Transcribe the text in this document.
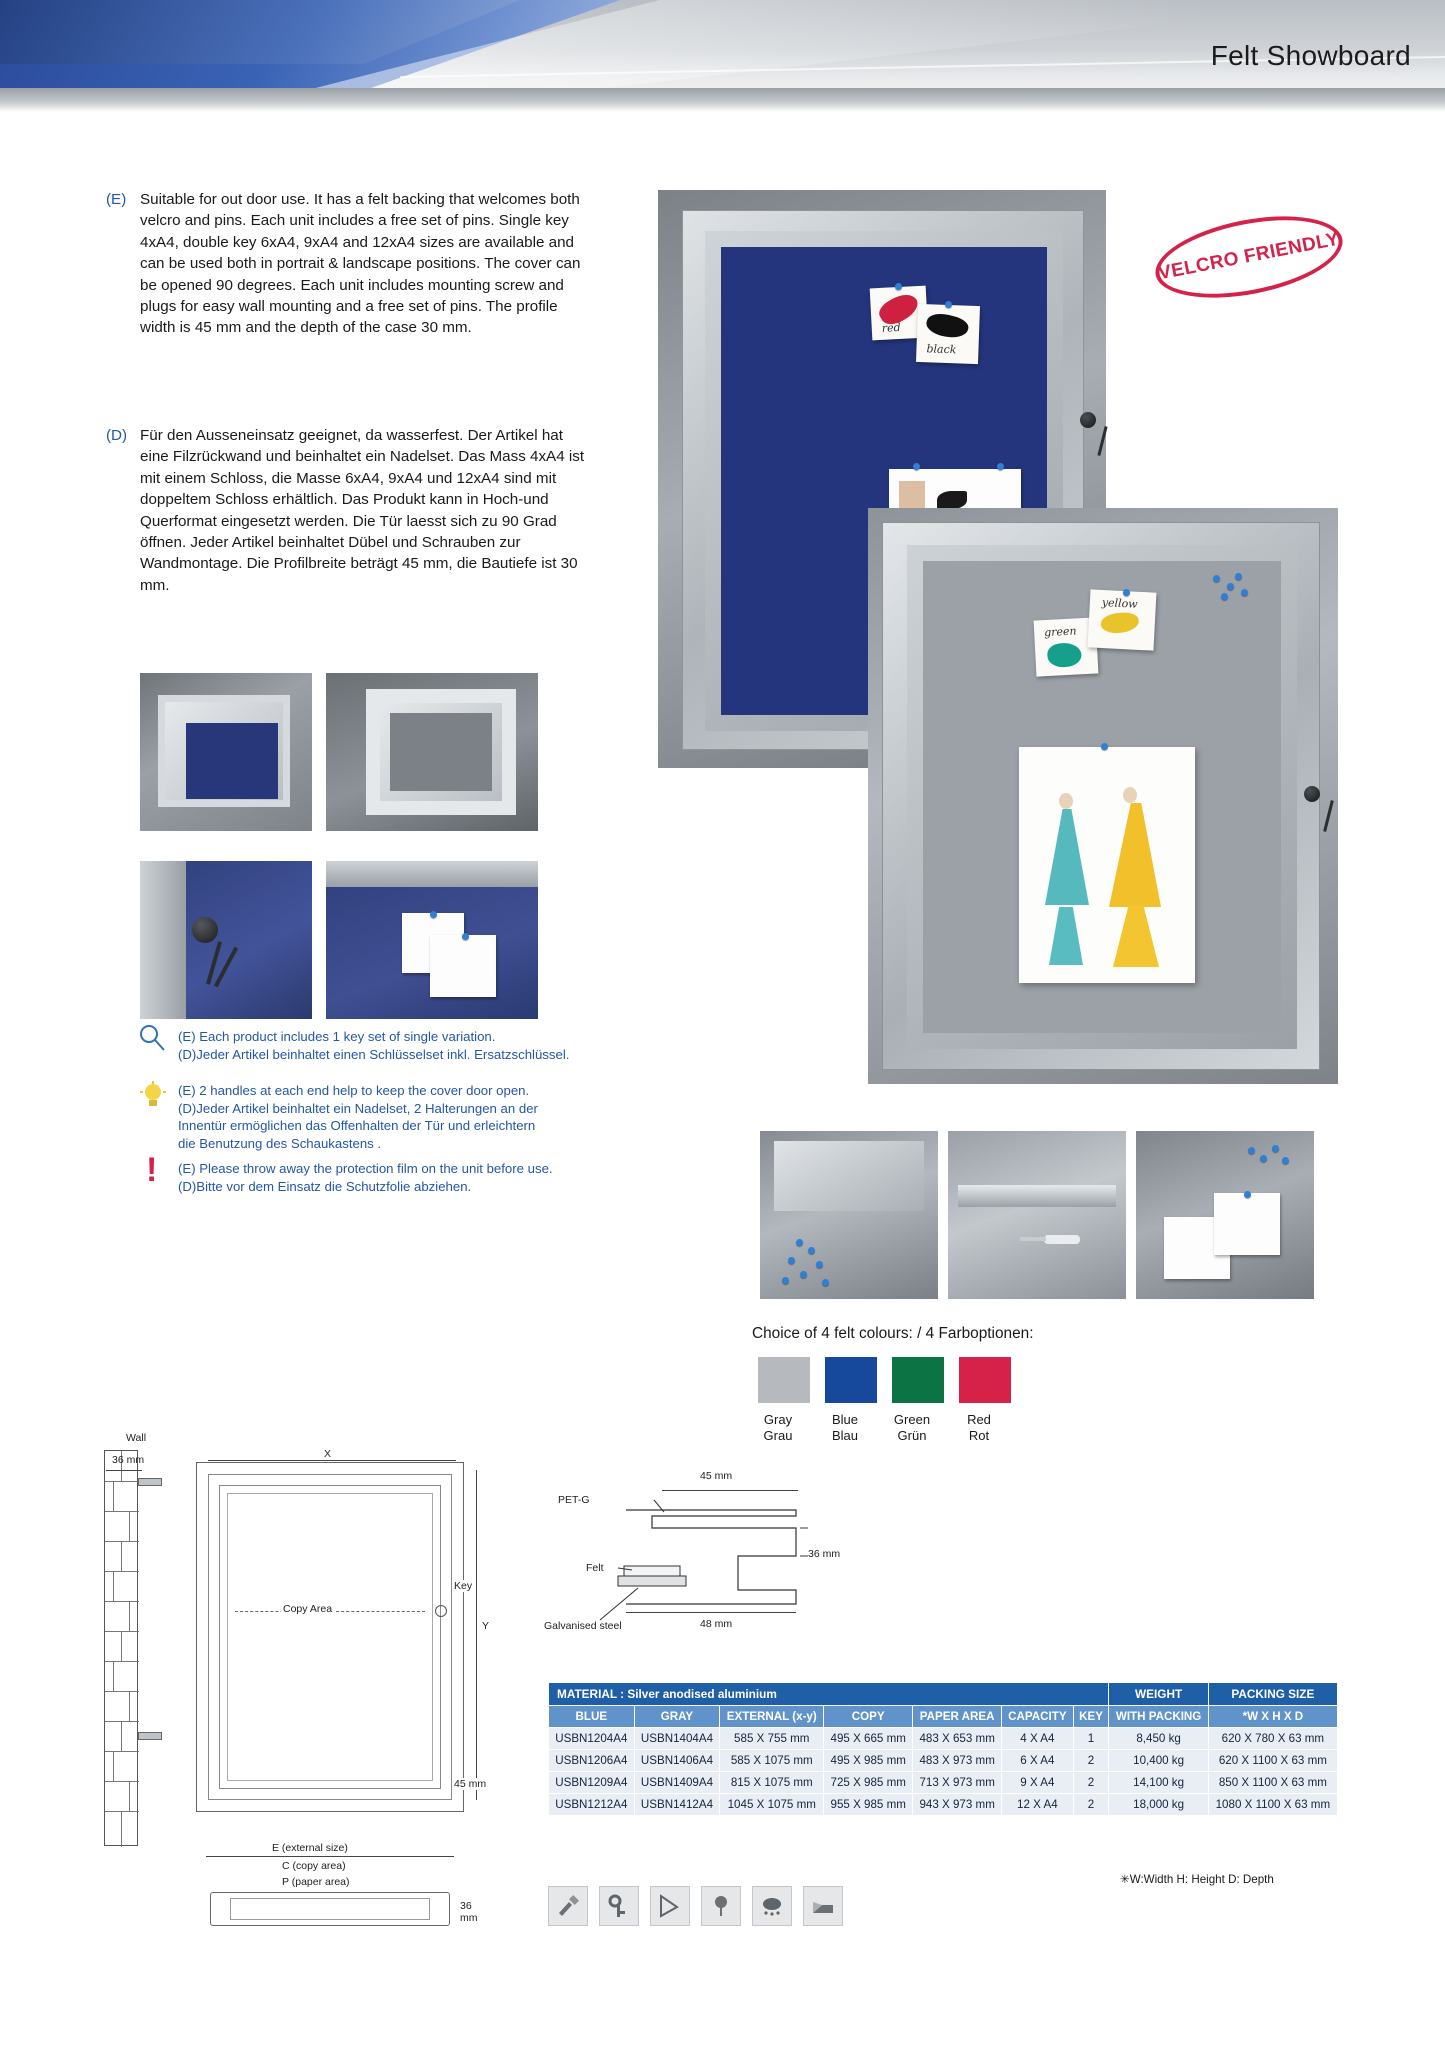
Felt Showboard
(E) Suitable for out door use. It has a felt backing that welcomes both velcro and pins. Each unit includes a free set of pins. Single key 4xA4, double key 6xA4, 9xA4 and 12xA4 sizes are available and can be used both in portrait & landscape positions. The cover can be opened 90 degrees. Each unit includes mounting screw and plugs for easy wall mounting and a free set of pins. The profile width is 45 mm and the depth of the case 30 mm.
(D) Für den Ausseneinsatz geeignet, da wasserfest. Der Artikel hat eine Filzrückwand und beinhaltet ein Nadelset. Das Mass 4xA4 ist mit einem Schloss, die Masse 6xA4, 9xA4 und 12xA4 sind mit doppeltem Schloss erhältlich. Das Produkt kann in Hoch-und Querformat eingesetzt werden. Die Tür laesst sich zu 90 Grad öffnen. Jeder Artikel beinhaltet Dübel und Schrauben zur Wandmontage. Die Profilbreite beträgt 45 mm, die Bautiefe ist 30 mm.
red
black
VELCRO FRIENDLY
green
yellow
(E) Each product includes 1 key set of single variation.
(D)Jeder Artikel beinhaltet einen Schlüsselset inkl. Ersatzschlüssel.
(E) 2 handles at each end help to keep the cover door open.
(D)Jeder Artikel beinhaltet ein Nadelset, 2 Halterungen an der
Innentür ermöglichen das Offenhalten der Tür und erleichtern
die Benutzung des Schaukastens .
!	(E) Please throw away the protection film on the unit before use.
(D)Bitte vor dem Einsatz die Schutzfolie abziehen.
Choice of 4 felt colours: / 4 Farboptionen:
Gray
Grau
Blue
Blau
Green
Grün
Red
Rot
Wall
36 mm
Copy Area
X
Y
Key
45 mm
E (external size)
C (copy area)
P (paper area)
36 mm
PET-G
Felt
Galvanised steel
45 mm
36 mm
48 mm
MATERIAL : Silver anodised aluminium							WEIGHT	PACKING SIZE
BLUE	GRAY	EXTERNAL (x-y)	COPY	PAPER AREA	CAPACITY	KEY	WITH PACKING	*W X H X D
USBN1204A4	USBN1404A4	585 X 755 mm	495 X 665 mm	483 X 653 mm	4 X A4	1	8,450 kg	620 X 780 X 63 mm
USBN1206A4	USBN1406A4	585 X 1075 mm	495 X 985 mm	483 X 973 mm	6 X A4	2	10,400 kg	620 X 1100 X 63 mm
USBN1209A4	USBN1409A4	815 X 1075 mm	725 X 985 mm	713 X 973 mm	9 X A4	2	14,100 kg	850 X 1100 X 63 mm
USBN1212A4	USBN1412A4	1045 X 1075 mm	955 X 985 mm	943 X 973 mm	12 X A4	2	18,000 kg	1080 X 1100 X 63 mm
✳W:Width H: Height D: Depth
